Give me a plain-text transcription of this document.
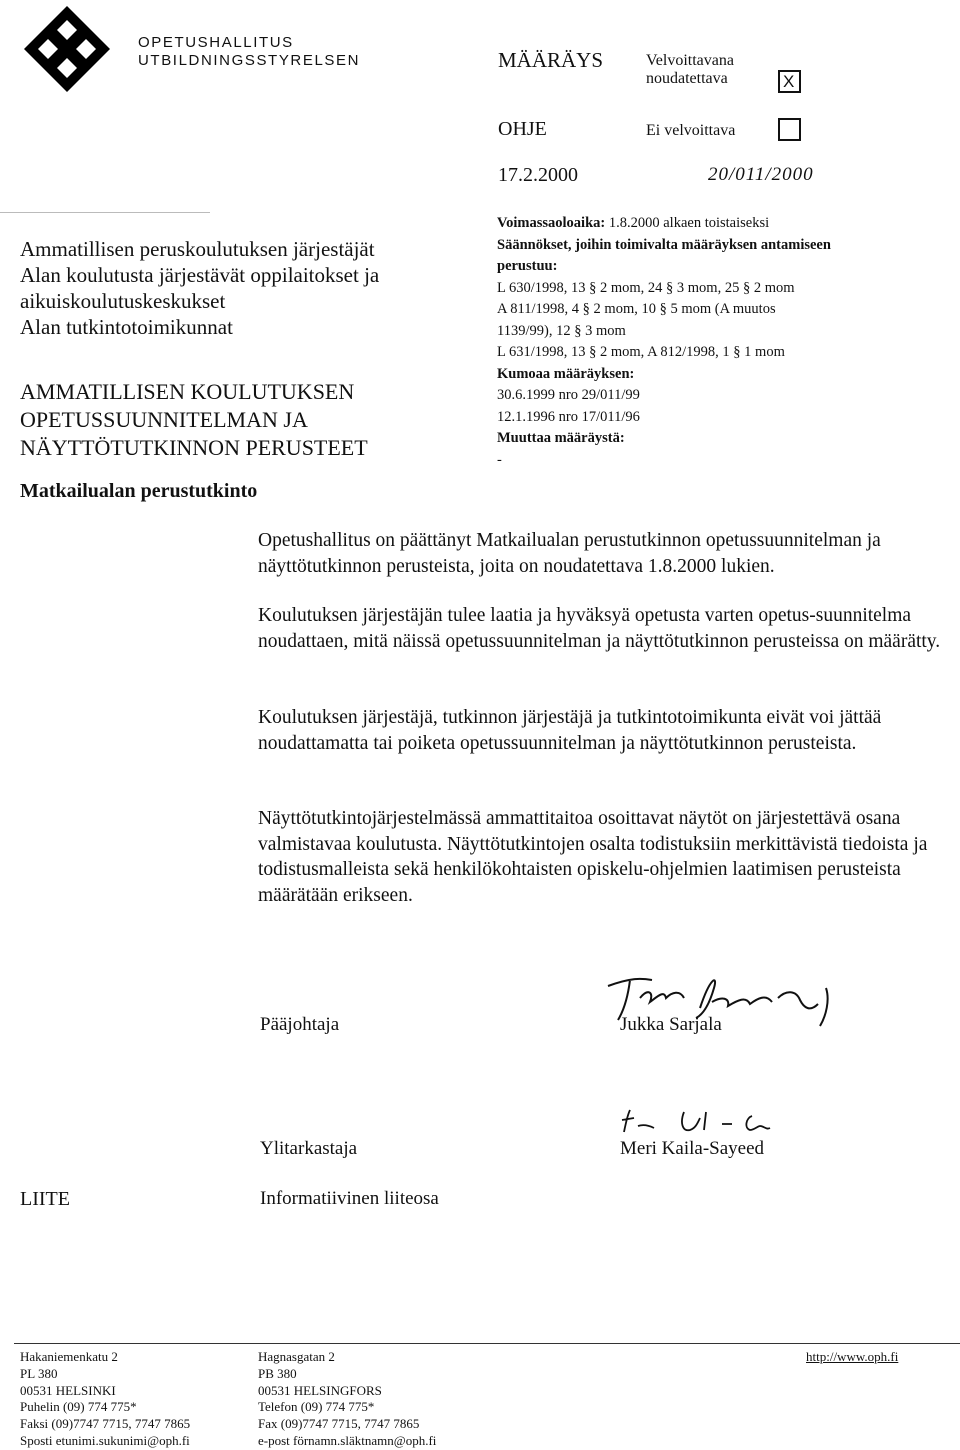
OPETUSHALLITUS
UTBILDNINGSSTYRELSEN	MÄÄRÄYS	Velvoittavana
noudatettava	X
OHJE	Ei velvoittava
17.2.2000	20/011/2000
Ammatillisen peruskoulutuksen järjestäjät
Alan koulutusta järjestävät oppilaitokset ja
aikuiskoulutuskeskukset
Alan tutkintotoimikunnat
AMMATILLISEN KOULUTUKSEN
OPETUSSUUNNITELMAN JA
NÄYTTÖTUTKINNON PERUSTEET
Matkailualan perustutkinto
Voimassaoloaika: 1.8.2000 alkaen toistaiseksi
Säännökset, joihin toimivalta määräyksen antamiseen
perustuu:
L 630/1998, 13 § 2 mom, 24 § 3 mom, 25 § 2 mom
A 811/1998, 4 § 2 mom, 10 § 5 mom (A muutos
1139/99), 12 § 3 mom
L 631/1998, 13 § 2 mom, A 812/1998, 1 § 1 mom
Kumoaa määräyksen:
30.6.1999 nro 29/011/99
12.1.1996 nro 17/011/96
Muuttaa määräystä:
-

Opetushallitus on päättänyt Matkailualan perustutkinnon opetussuunnitelman ja näyttötutkinnon perusteista, joita on noudatettava 1.8.2000 lukien.

Koulutuksen järjestäjän tulee laatia ja hyväksyä opetusta varten opetus-suunnitelma noudattaen, mitä näissä opetussuunnitelman ja näyttötutkinnon perusteissa on määrätty.

Koulutuksen järjestäjä, tutkinnon järjestäjä ja tutkintotoimikunta eivät voi jättää noudattamatta tai poiketa opetussuunnitelman ja näyttötutkinnon perusteista.

Näyttötutkintojärjestelmässä ammattitaitoa osoittavat näytöt on järjestettävä osana valmistavaa koulutusta. Näyttötutkintojen osalta todistuksiin merkittävistä tiedoista ja todistusmalleista sekä henkilökohtaisten opiskelu-ohjelmien laatimisen perusteista määrätään erikseen.

Pääjohtaja	Jukka Sarjala
Ylitarkastaja	Meri Kaila-Sayeed
LIITE	Informatiivinen liiteosa
Hakaniemenkatu 2
PL 380
00531 HELSINKI
Puhelin (09) 774 775*
Faksi (09)7747 7715, 7747 7865
Sposti etunimi.sukunimi@oph.fi
Hagnasgatan 2
PB 380
00531 HELSINGFORS
Telefon (09) 774 775*
Fax (09)7747 7715, 7747 7865
e-post förnamn.släktnamn@oph.fi
http://www.oph.fi
